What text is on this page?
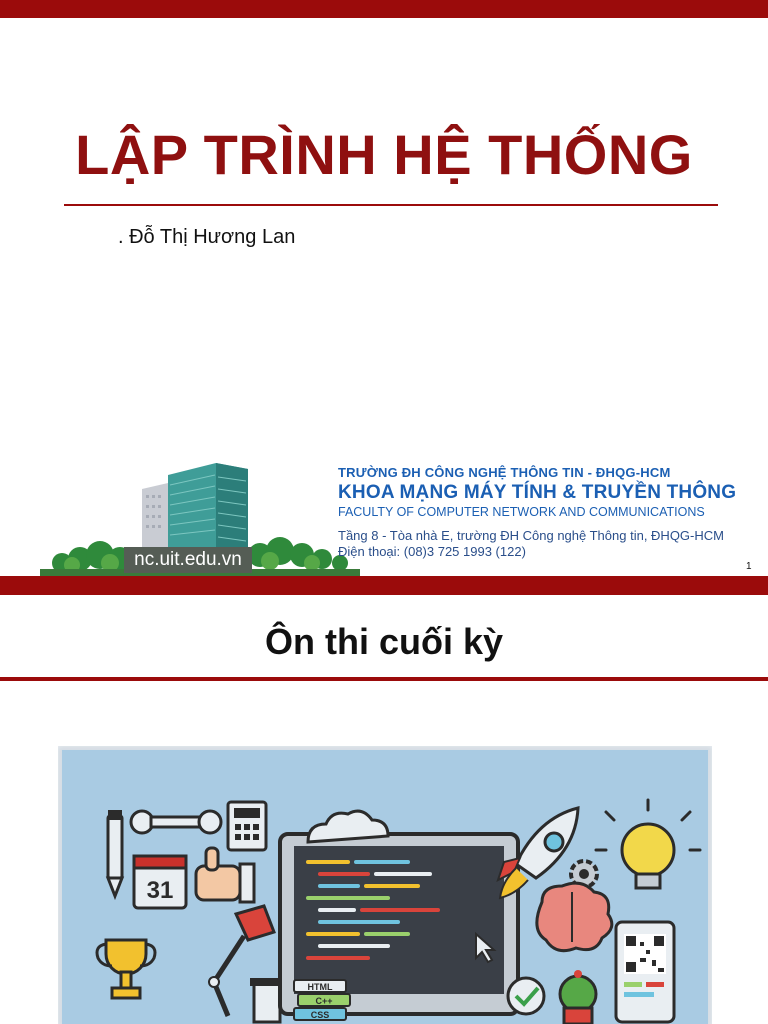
LẬP TRÌNH HỆ THỐNG
. Đỗ Thị Hương Lan
nc.uit.edu.vn
TRƯỜNG ĐH CÔNG NGHỆ THÔNG TIN - ĐHQG-HCM
KHOA MẠNG MÁY TÍNH & TRUYỀN THÔNG
FACULTY OF COMPUTER NETWORK AND COMMUNICATIONS
Tầng 8 - Tòa nhà E, trường ĐH Công nghệ Thông tin, ĐHQG-HCM
Điện thoại: (08)3 725 1993 (122)
1
Ôn thi cuối kỳ
31
HTML
C++
CSS
